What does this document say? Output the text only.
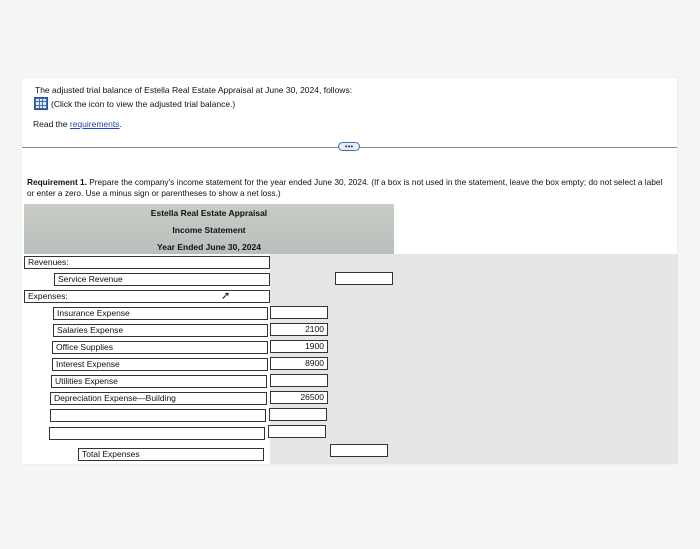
The adjusted trial balance of Estella Real Estate Appraisal at June 30, 2024, follows:
(Click the icon to view the adjusted trial balance.)
Read the requirements.
•••
Requirement 1. Prepare the company's income statement for the year ended June 30, 2024. (If a box is not used in the statement, leave the box empty; do not select a label or enter a zero. Use a minus sign or parentheses to show a net loss.)
Estella Real Estate Appraisal
Income Statement
Year Ended June 30, 2024
Revenues:
Service Revenue
Expenses:	➚
Insurance Expense
Salaries Expense	2100
Office Supplies	1900
Interest Expense	8900
Utilities Expense
Depreciation Expense—Building	26500
Total Expenses
